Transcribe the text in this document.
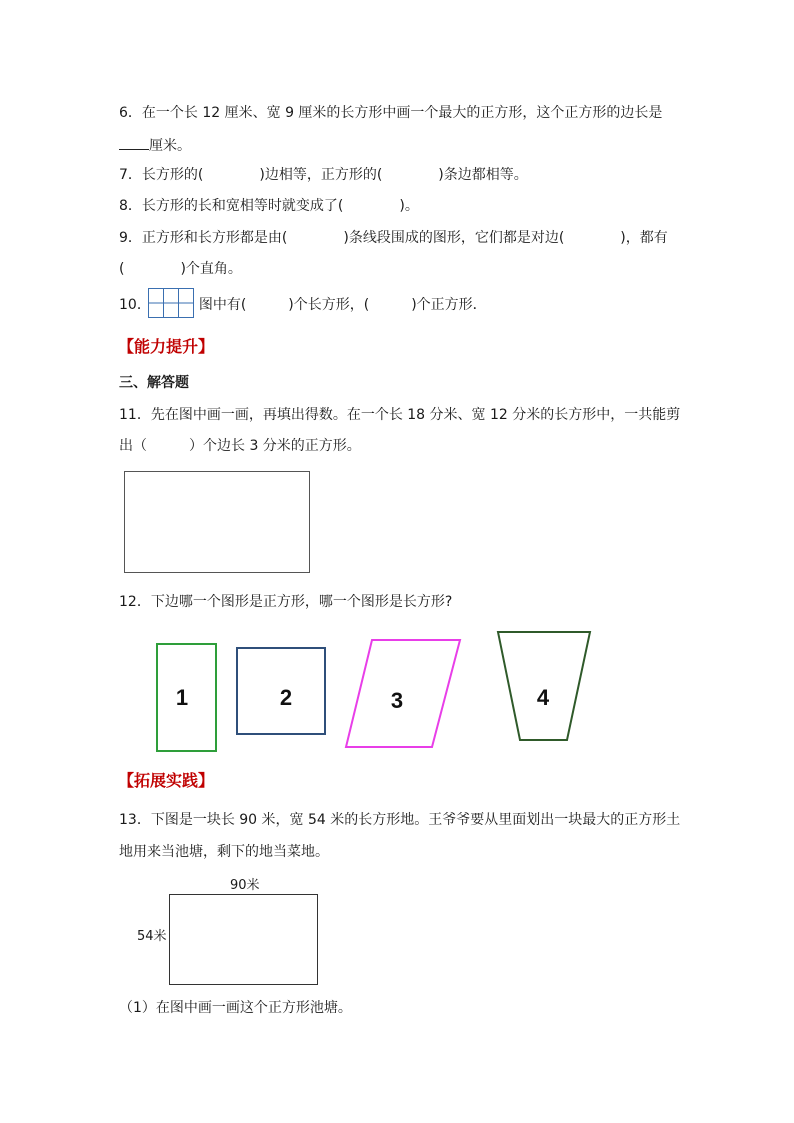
6．在一个长 12 厘米、宽 9 厘米的长方形中画一个最大的正方形，这个正方形的边长是
厘米。
7．长方形的(　　　　)边相等，正方形的(　　　　)条边都相等。
8．长方形的长和宽相等时就变成了(　　　　)。
9．正方形和长方形都是由(　　　　)条线段围成的图形，它们都是对边(　　　　)，都有
(　　　　)个直角。
10．	图中有(　　　)个长方形，(　　　)个正方形．
【能力提升】
三、解答题
11．先在图中画一画，再填出得数。在一个长 18 分米、宽 12 分米的长方形中，一共能剪
出（　　　）个边长 3 分米的正方形。
12．下边哪一个图形是正方形，哪一个图形是长方形?
1	2	3	4
【拓展实践】
13．下图是一块长 90 米，宽 54 米的长方形地。王爷爷要从里面划出一块最大的正方形土
地用来当池塘，剩下的地当菜地。
90米
54米
（1）在图中画一画这个正方形池塘。
